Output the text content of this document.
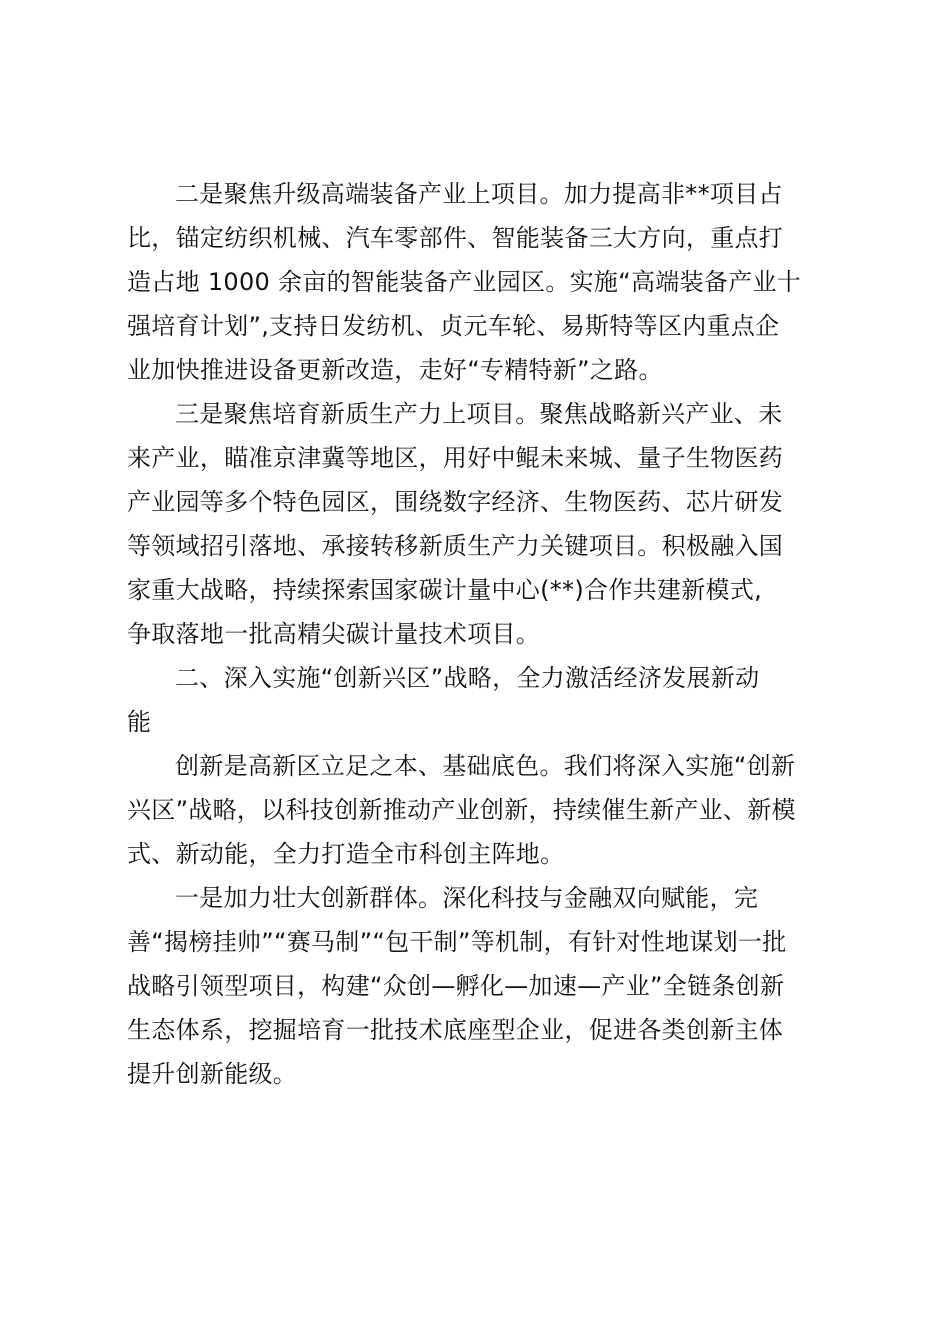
二是聚焦升级高端装备产业上项目。加力提高非**项目占
比，锚定纺织机械、汽车零部件、智能装备三大方向，重点打
造占地 1000 余亩的智能装备产业园区。实施“高端装备产业十
强培育计划”,支持日发纺机、贞元车轮、易斯特等区内重点企
业加快推进设备更新改造，走好“专精特新”之路。

三是聚焦培育新质生产力上项目。聚焦战略新兴产业、未
来产业，瞄准京津冀等地区，用好中鲲未来城、量子生物医药
产业园等多个特色园区，围绕数字经济、生物医药、芯片研发
等领域招引落地、承接转移新质生产力关键项目。积极融入国
家重大战略，持续探索国家碳计量中心(**)合作共建新模式,
争取落地一批高精尖碳计量技术项目。

二、深入实施“创新兴区”战略，全力激活经济发展新动
能

创新是高新区立足之本、基础底色。我们将深入实施“创新
兴区”战略，以科技创新推动产业创新，持续催生新产业、新模
式、新动能，全力打造全市科创主阵地。

一是加力壮大创新群体。深化科技与金融双向赋能，完
善“揭榜挂帅”“赛马制”“包干制”等机制，有针对性地谋划一批
战略引领型项目，构建“众创—孵化—加速—产业”全链条创新
生态体系，挖掘培育一批技术底座型企业，促进各类创新主体
提升创新能级。
